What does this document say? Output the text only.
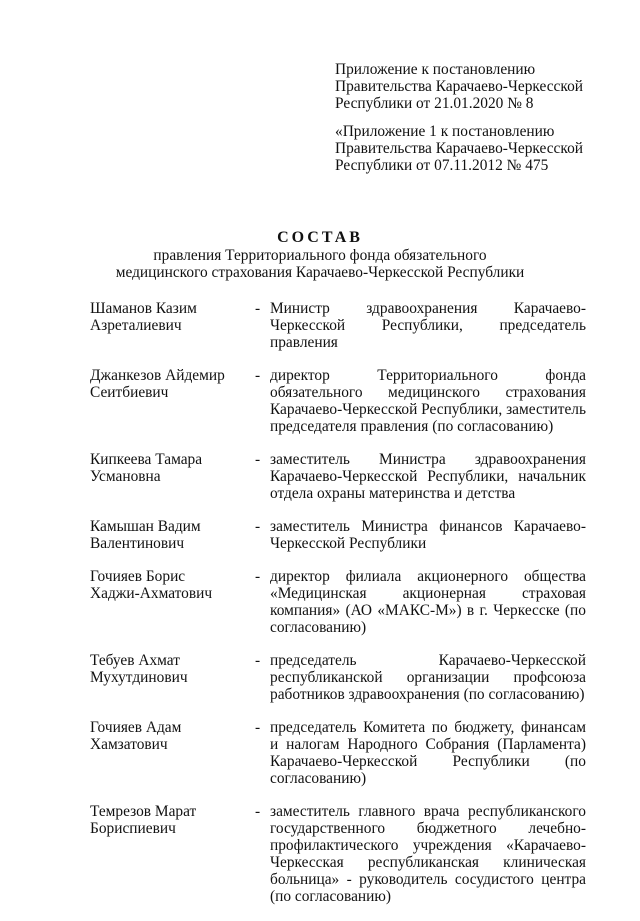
Приложение к постановлению
Правительства Карачаево-Черкесской
Республики от 21.01.2020 № 8
«Приложение 1 к постановлению
Правительства Карачаево-Черкесской
Республики от 07.11.2012 № 475
СОСТАВ
правления Территориального фонда обязательного
медицинского страхования Карачаево-Черкесской Республики
Шаманов Казим
Азреталиевич
- Министр здравоохранения Карачаево-Черкесской Республики, председатель правления
Джанкезов Айдемир
Сеитбиевич
- директор Территориального фонда обязательного медицинского страхования Карачаево-Черкесской Республики, заместитель председателя правления (по согласованию)
Кипкеева Тамара
Усмановна
- заместитель Министра здравоохранения Карачаево-Черкесской Республики, начальник отдела охраны материнства и детства
Камышан Вадим
Валентинович
- заместитель Министра финансов Карачаево-Черкесской Республики
Гочияев Борис
Хаджи-Ахматович
- директор филиала акционерного общества «Медицинская акционерная страховая компания» (АО «МАКС-М») в г. Черкесске (по согласованию)
Тебуев Ахмат
Мухутдинович
- председатель Карачаево-Черкесской республиканской организации профсоюза работников здравоохранения (по согласованию)
Гочияев Адам
Хамзатович
- председатель Комитета по бюджету, финансам и налогам Народного Собрания (Парламента) Карачаево-Черкесской Республики (по согласованию)
Темрезов Марат
Бориспиевич
- заместитель главного врача республиканского государственного бюджетного лечебно-профилактического учреждения «Карачаево-Черкесская республиканская клиническая больница» - руководитель сосудистого центра (по согласованию)
